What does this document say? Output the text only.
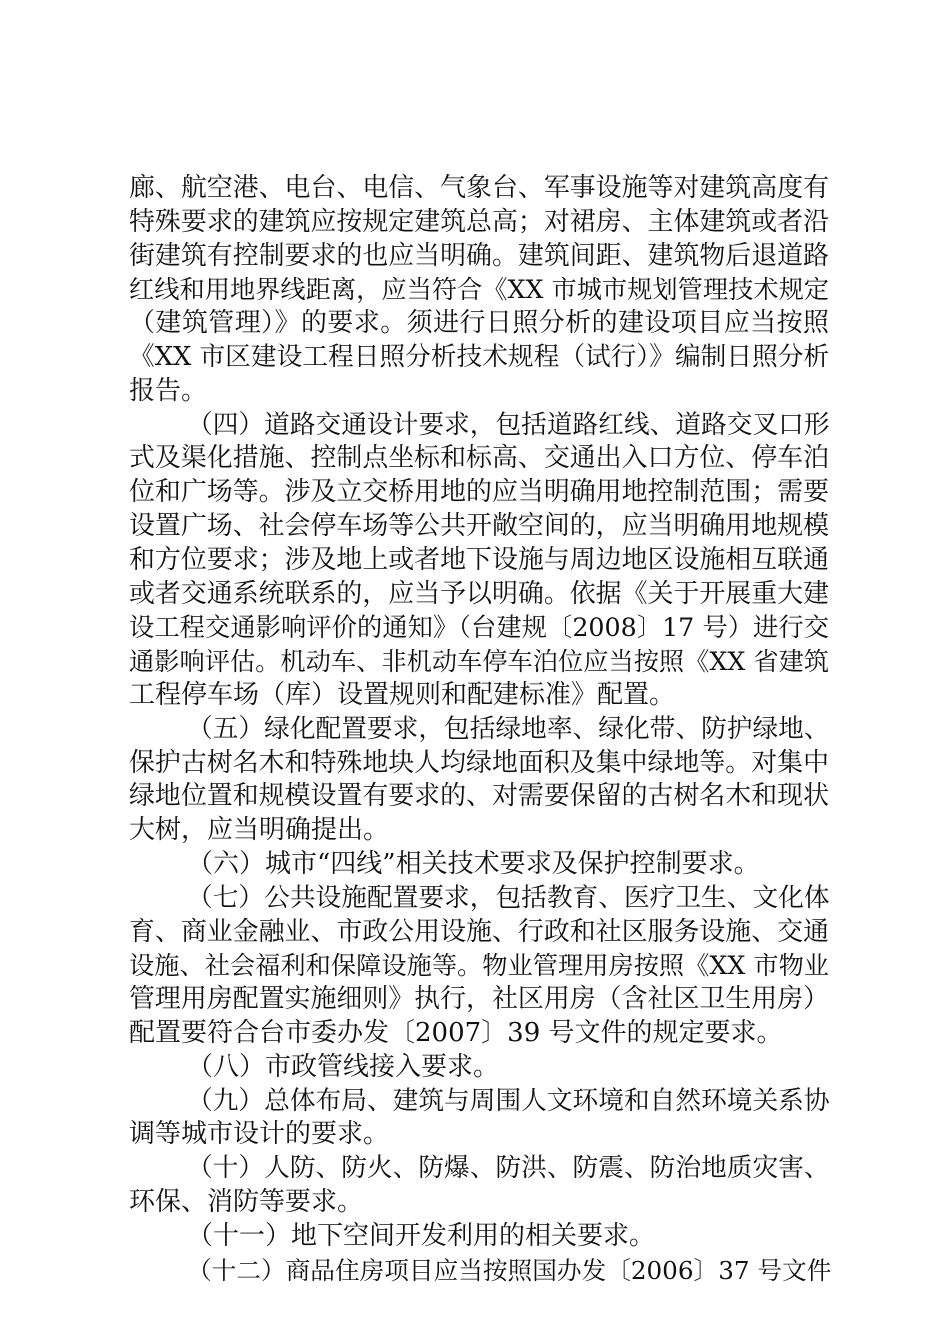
廊、航空港、电台、电信、气象台、军事设施等对建筑高度有
特殊要求的建筑应按规定建筑总高；对裙房、主体建筑或者沿
街建筑有控制要求的也应当明确。建筑间距、建筑物后退道路
红线和用地界线距离，应当符合《XX 市城市规划管理技术规定
（建筑管理）》的要求。须进行日照分析的建设项目应当按照
《XX 市区建设工程日照分析技术规程（试行）》编制日照分析
报告。
（四）道路交通设计要求，包括道路红线、道路交叉口形
式及渠化措施、控制点坐标和标高、交通出入口方位、停车泊
位和广场等。涉及立交桥用地的应当明确用地控制范围；需要
设置广场、社会停车场等公共开敞空间的，应当明确用地规模
和方位要求；涉及地上或者地下设施与周边地区设施相互联通
或者交通系统联系的，应当予以明确。依据《关于开展重大建
设工程交通影响评价的通知》（台建规〔2008〕17 号）进行交
通影响评估。机动车、非机动车停车泊位应当按照《XX 省建筑
工程停车场（库）设置规则和配建标准》配置。
（五）绿化配置要求，包括绿地率、绿化带、防护绿地、
保护古树名木和特殊地块人均绿地面积及集中绿地等。对集中
绿地位置和规模设置有要求的、对需要保留的古树名木和现状
大树，应当明确提出。
（六）城市“四线”相关技术要求及保护控制要求。
（七）公共设施配置要求，包括教育、医疗卫生、文化体
育、商业金融业、市政公用设施、行政和社区服务设施、交通
设施、社会福利和保障设施等。物业管理用房按照《XX 市物业
管理用房配置实施细则》执行，社区用房（含社区卫生用房）
配置要符合台市委办发〔2007〕39 号文件的规定要求。
（八）市政管线接入要求。
（九）总体布局、建筑与周围人文环境和自然环境关系协
调等城市设计的要求。
（十）人防、防火、防爆、防洪、防震、防治地质灾害、
环保、消防等要求。
（十一）地下空间开发利用的相关要求。
（十二）商品住房项目应当按照国办发〔2006〕37 号文件
